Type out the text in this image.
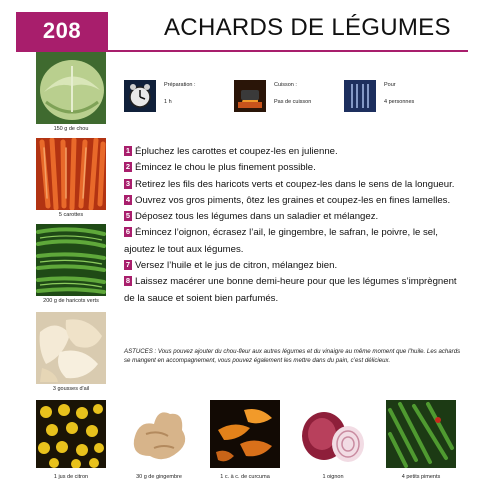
208	ACHARDS DE LÉGUMES
150 g de chou
5 carottes
200 g de haricots verts
3 gousses d'ail
Préparation :
1 h
Cuisson :
Pas de cuisson
Pour
4 personnes
1 Épluchez les carottes et coupez-les en julienne.
2 Émincez le chou le plus finement possible.
3 Retirez les fils des haricots verts et coupez-les dans le sens de la longueur.
4 Ouvrez vos gros piments, ôtez les graines et coupez-les en fines lamelles.
5 Déposez tous les légumes dans un saladier et mélangez.
6 Émincez l’oignon, écrasez l’ail, le gingembre, le safran, le poivre, le sel, ajoutez le tout aux légumes.
7 Versez l’huile et le jus de citron, mélangez bien.
8 Laissez macérer une bonne demi-heure pour que les légumes s’imprègnent de la sauce et soient bien parfumés.
ASTUCES : Vous pouvez ajouter du chou-fleur aux autres légumes et du vinaigre au même moment que l’huile. Les achards se mangent en accompagnement, vous pouvez également les mettre dans du pain, c’est délicieux.
1 jus de citron	30 g de gingembre	1 c. à c. de curcuma	1 oignon	4 petits piments
